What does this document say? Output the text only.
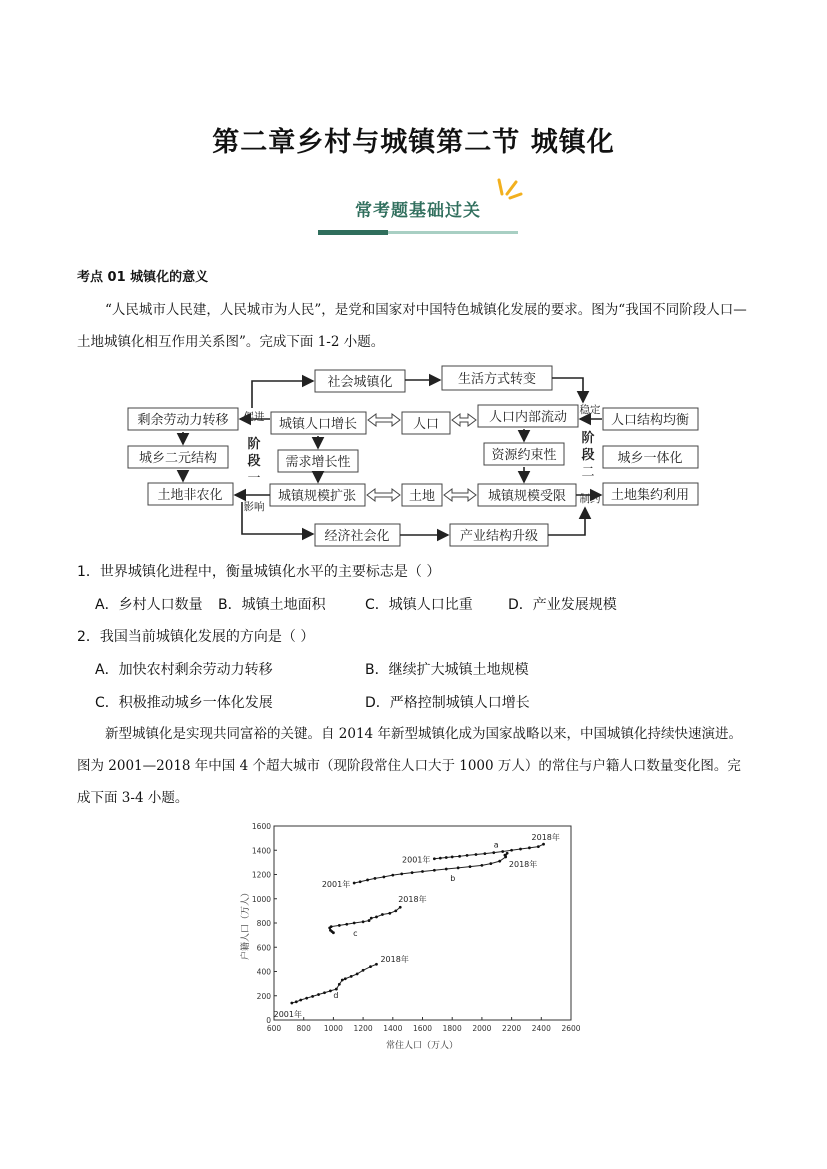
第二章乡村与城镇第二节 城镇化
常考题基础过关
考点 01 城镇化的意义
“人民城市人民建，人民城市为人民”，是党和国家对中国特色城镇化发展的要求。图为“我国不同阶段人口—土地城镇化相互作用关系图”。完成下面 1-2 小题。
社会城镇化	生活方式转变
剩余劳动力转移	城镇人口增长	人口	人口内部流动	人口结构均衡
城乡二元结构	需求增长性	资源约束性	城乡一体化
土地非农化	城镇规模扩张	土地	城镇规模受限	土地集约利用
经济社会化	产业结构升级
促进
稳定
影响
制约
阶
段
一
阶
段
二
1．世界城镇化进程中，衡量城镇化水平的主要标志是（ ）
A．乡村人口数量 B．城镇土地面积	C．城镇人口比重	D．产业发展规模
2．我国当前城镇化发展的方向是（ ）
A．加快农村剩余劳动力转移	B．继续扩大城镇土地规模
C．积极推动城乡一体化发展	D．严格控制城镇人口增长
新型城镇化是实现共同富裕的关键。自 2014 年新型城镇化成为国家战略以来，中国城镇化持续快速演进。图为 2001—2018 年中国 4 个超大城市（现阶段常住人口大于 1000 万人）的常住与户籍人口数量变化图。完成下面 3-4 小题。
600 800 1000 1200 1400 1600 1800 2000 2200 2400 2600
0
200
400
600
800
1000
1200
1400
1600
a
2001年
2018年
b
2001年
2018年
c
2018年
d
2001年
2018年
常住人口（万人）
户籍人口（万人）
